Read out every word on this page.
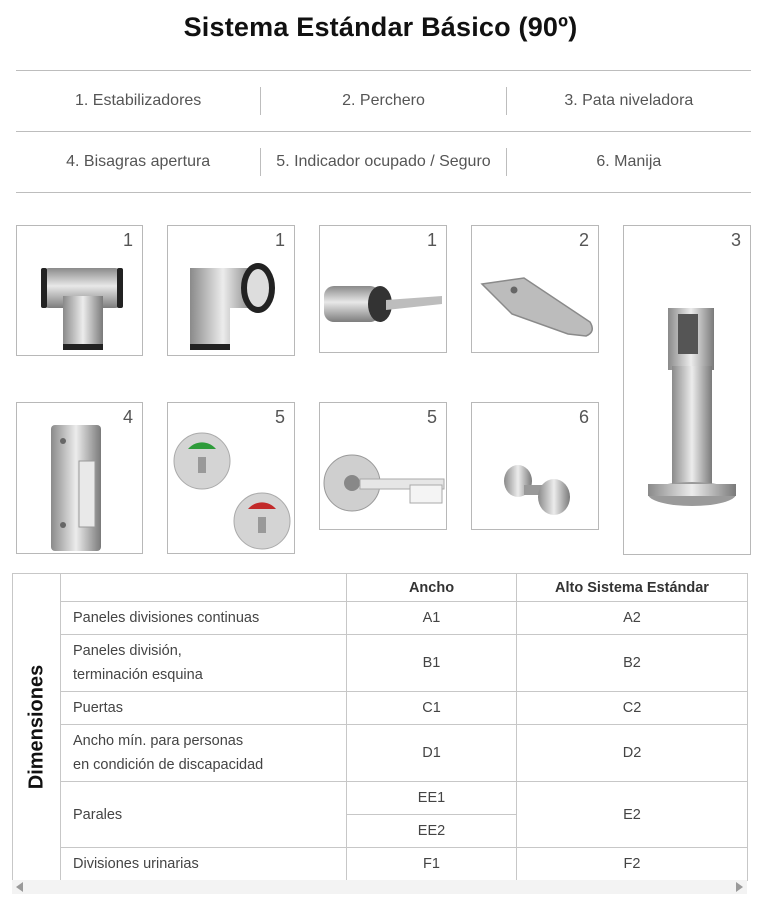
Sistema Estándar Básico (90º)
1. Estabilizadores	2. Perchero	3. Pata niveladora
4. Bisagras apertura	5. Indicador ocupado / Seguro	6. Manija
1	1	1	2	3
4	5	5	6
Dimensiones		Ancho	Alto Sistema Estándar
	Paneles divisiones continuas	A1	A2
	Paneles división,
terminación esquina	B1	B2
	Puertas	C1	C2
	Ancho mín. para personas
en condición de discapacidad	D1	D2
	Parales	EE1	E2
		EE2	
	Divisiones urinarias	F1	F2
